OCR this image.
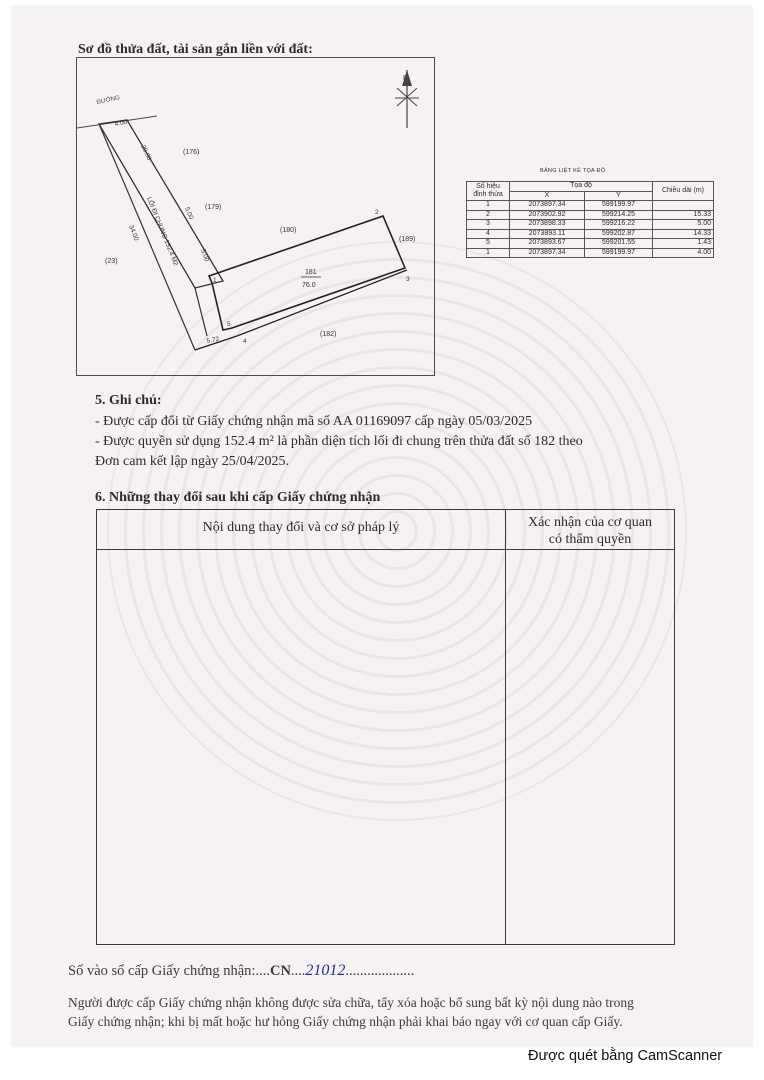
Sơ đồ thửa đất, tài sản gắn liền với đất:
ĐƯỜNG
B
4.00
20.00
5.00
5.00
34.00 LỐI ĐI CHUNG 152.4 M2
5.72
(176)
(179)
(180)
(189)
(23)
(182)
181
76.0
1
2
3
4
5
BẢNG LIỆT KÊ TỌA ĐỘ
Số hiệu đỉnh thửa	Tọa độ		Chiều dài (m)
	X	Y	
1	2073897.34	599199.97	
2	2073902.92	599214.25	15.33
3	2073898.33	599216.22	5.00
4	2073893.11	599202.87	14.33
5	2073893.67	599201.55	1.43
1	2073897.34	599199.97	4.00
5. Ghi chú:
- Được cấp đổi từ Giấy chứng nhận mã số AA 01169097 cấp ngày 05/03/2025
- Được quyền sử dụng 152.4 m² là phần diện tích lối đi chung trên thửa đất số 182 theo
Đơn cam kết lập ngày 25/04/2025.
6. Những thay đổi sau khi cấp Giấy chứng nhận
Nội dung thay đổi và cơ sở pháp lý	Xác nhận của cơ quan
có thẩm quyền
Số vào sổ cấp Giấy chứng nhận:....CN....21012...................
Người được cấp Giấy chứng nhận không được sửa chữa, tẩy xóa hoặc bổ sung bất kỳ nội dung nào trong
Giấy chứng nhận; khi bị mất hoặc hư hỏng Giấy chứng nhận phải khai báo ngay với cơ quan cấp Giấy.
Được quét bằng CamScanner
